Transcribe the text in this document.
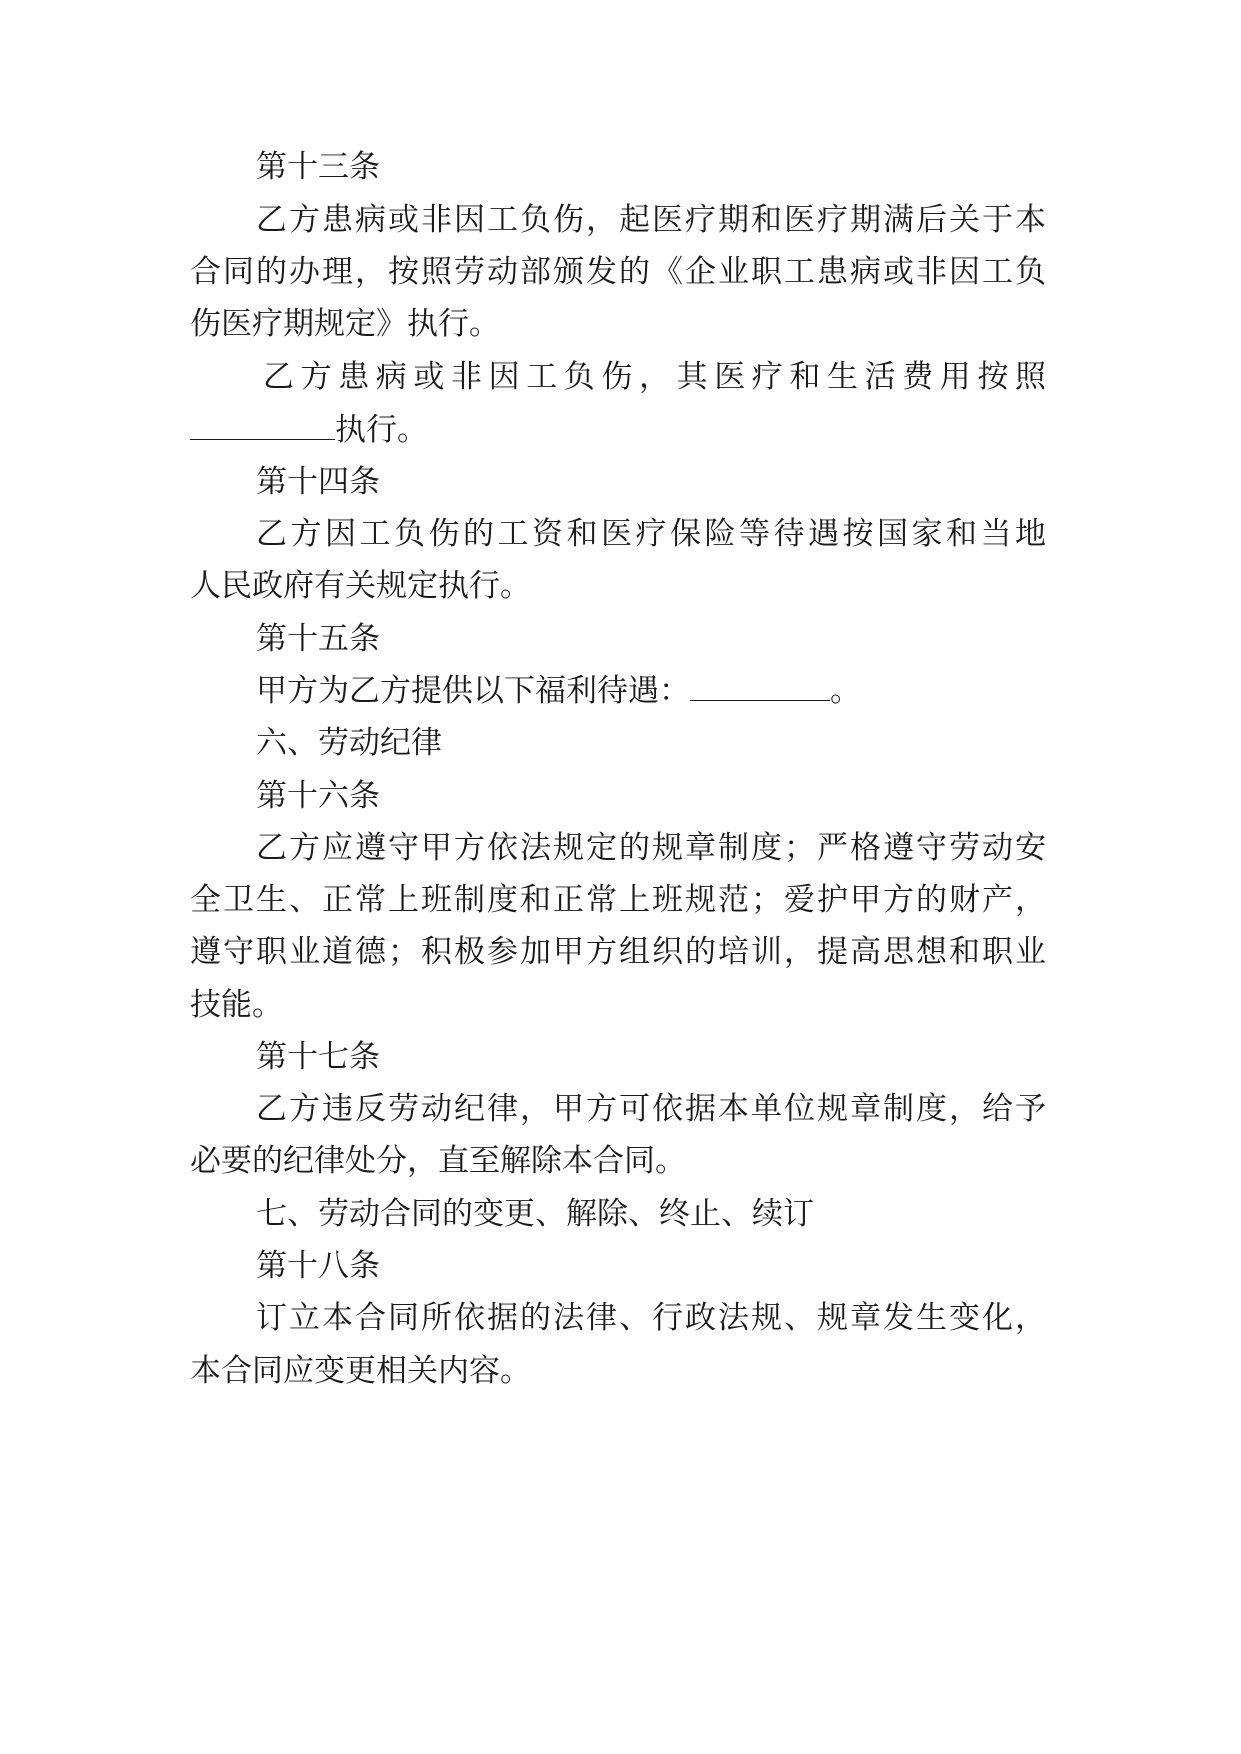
第十三条

乙方患病或非因工负伤，起医疗期和医疗期满后关于本

合同的办理，按照劳动部颁发的《企业职工患病或非因工负

伤医疗期规定》执行。

乙方患病或非因工负伤，其医疗和生活费用按照

执行。

第十四条

乙方因工负伤的工资和医疗保险等待遇按国家和当地

人民政府有关规定执行。

第十五条

甲方为乙方提供以下福利待遇：	。

六、劳动纪律

第十六条

乙方应遵守甲方依法规定的规章制度；严格遵守劳动安

全卫生、正常上班制度和正常上班规范；爱护甲方的财产，

遵守职业道德；积极参加甲方组织的培训，提高思想和职业

技能。

第十七条

乙方违反劳动纪律，甲方可依据本单位规章制度，给予

必要的纪律处分，直至解除本合同。

七、劳动合同的变更、解除、终止、续订

第十八条

订立本合同所依据的法律、行政法规、规章发生变化，

本合同应变更相关内容。
